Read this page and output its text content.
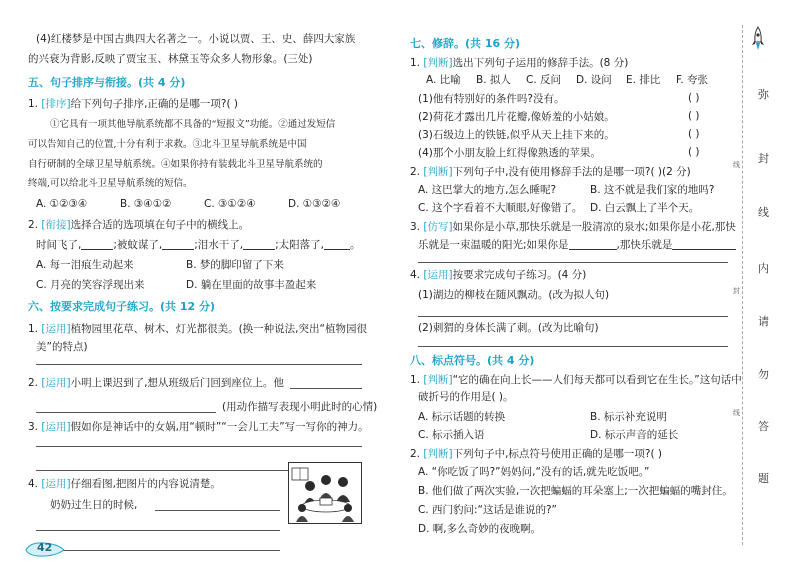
(4)红楼梦是中国古典四大名著之一。小说以贾、王、史、薛四大家族
的兴衰为背影,反映了贾宝玉、林黛玉等众多人物形象。(三处)
五、句子排序与衔接。(共 4 分)
1. [排序]给下列句子排序,正确的是哪一项?( )
①它具有一项其他导航系统都不具备的“短报文”功能。②通过发短信
可以告知自己的位置,十分有利于求救。③北斗卫星导航系统是中国
自行研制的全球卫星导航系统。④如果你持有装载北斗卫星导航系统的
终端,可以给北斗卫星导航系统的短信。
A. ①②③④	B. ③④①②	C. ③①②④	D. ①③②④
2. [衔接]选择合适的选项填在句子中的横线上。
时间飞了,	;被蚊谋了,	;泪水干了,	;太阳落了, 。
A. 每一泪痕生动起来	B. 梦的脚印留了下来
C. 月亮的笑容浮现出来	D. 躺在里面的故事丰盈起来
六、按要求完成句子练习。(共 12 分)
1. [运用]植物园里花草、树木、灯光都很美。(换一种说法,突出“植物园很
美”的特点)
2. [运用]小明上课迟到了,想从班级后门回到座位上。他
(用动作描写表现小明此时的心情)
3. [运用]假如你是神话中的女娲,用“顿时”“一会儿工夫”写一写你的神力。
4. [运用]仔细看图,把图片的内容说清楚。
奶奶过生日的时候,
42
七、修辞。(共 16 分)
1. [判断]选出下列句子运用的修辞手法。(8 分)
A. 比喻 B. 拟人 C. 反问 D. 设问 E. 排比 F. 夸张
(1)他有特别好的条件吗?没有。	( )
(2)荷花才露出几片花瓣,像娇羞的小姑娘。	( )
(3)石级边上的铁链,似乎从天上挂下来的。	( )
(4)那个小朋友脸上红得像熟透的苹果。	( )
2. [判断]下列句子中,没有使用修辞手法的是哪一项?( )(2 分)
A. 这巴掌大的地方,怎么睡呢?	B. 这不就是我们家的地吗?
C. 这个字看着不大顺眼,好像错了。 D. 白云飘上了半个天。
3. [仿写]如果你是小草,那快乐就是一股清凉的泉水;如果你是小花,那快
乐就是一束温暖的阳光;如果你是	,那快乐就是
4. [运用]按要求完成句子练习。(4 分)
(1)湖边的柳枝在随风飘动。(改为拟人句)
(2)刺猬的身体长满了刺。(改为比喻句)
八、标点符号。(共 4 分)
1. [判断]“它的确在向上长——人们每天都可以看到它在生长。”这句话中
破折号的作用是( )。
A. 标示话题的转换	B. 标示补充说明
C. 标示插入语	D. 标示声音的延长
2. [判断]下列句子中,标点符号使用正确的是哪一项?( )
A. “你吃饭了吗?”妈妈问,“没有的话,就先吃饭吧。”
B. 他们做了两次实验,一次把蝙蝠的耳朵塞上;一次把蝙蝠的嘴封住。
C. 西门豹问:“这话是谁说的?”
D. 啊,多么奇妙的夜晚啊。
弥
线 封
线
内
封
请
勿
线
答
题
